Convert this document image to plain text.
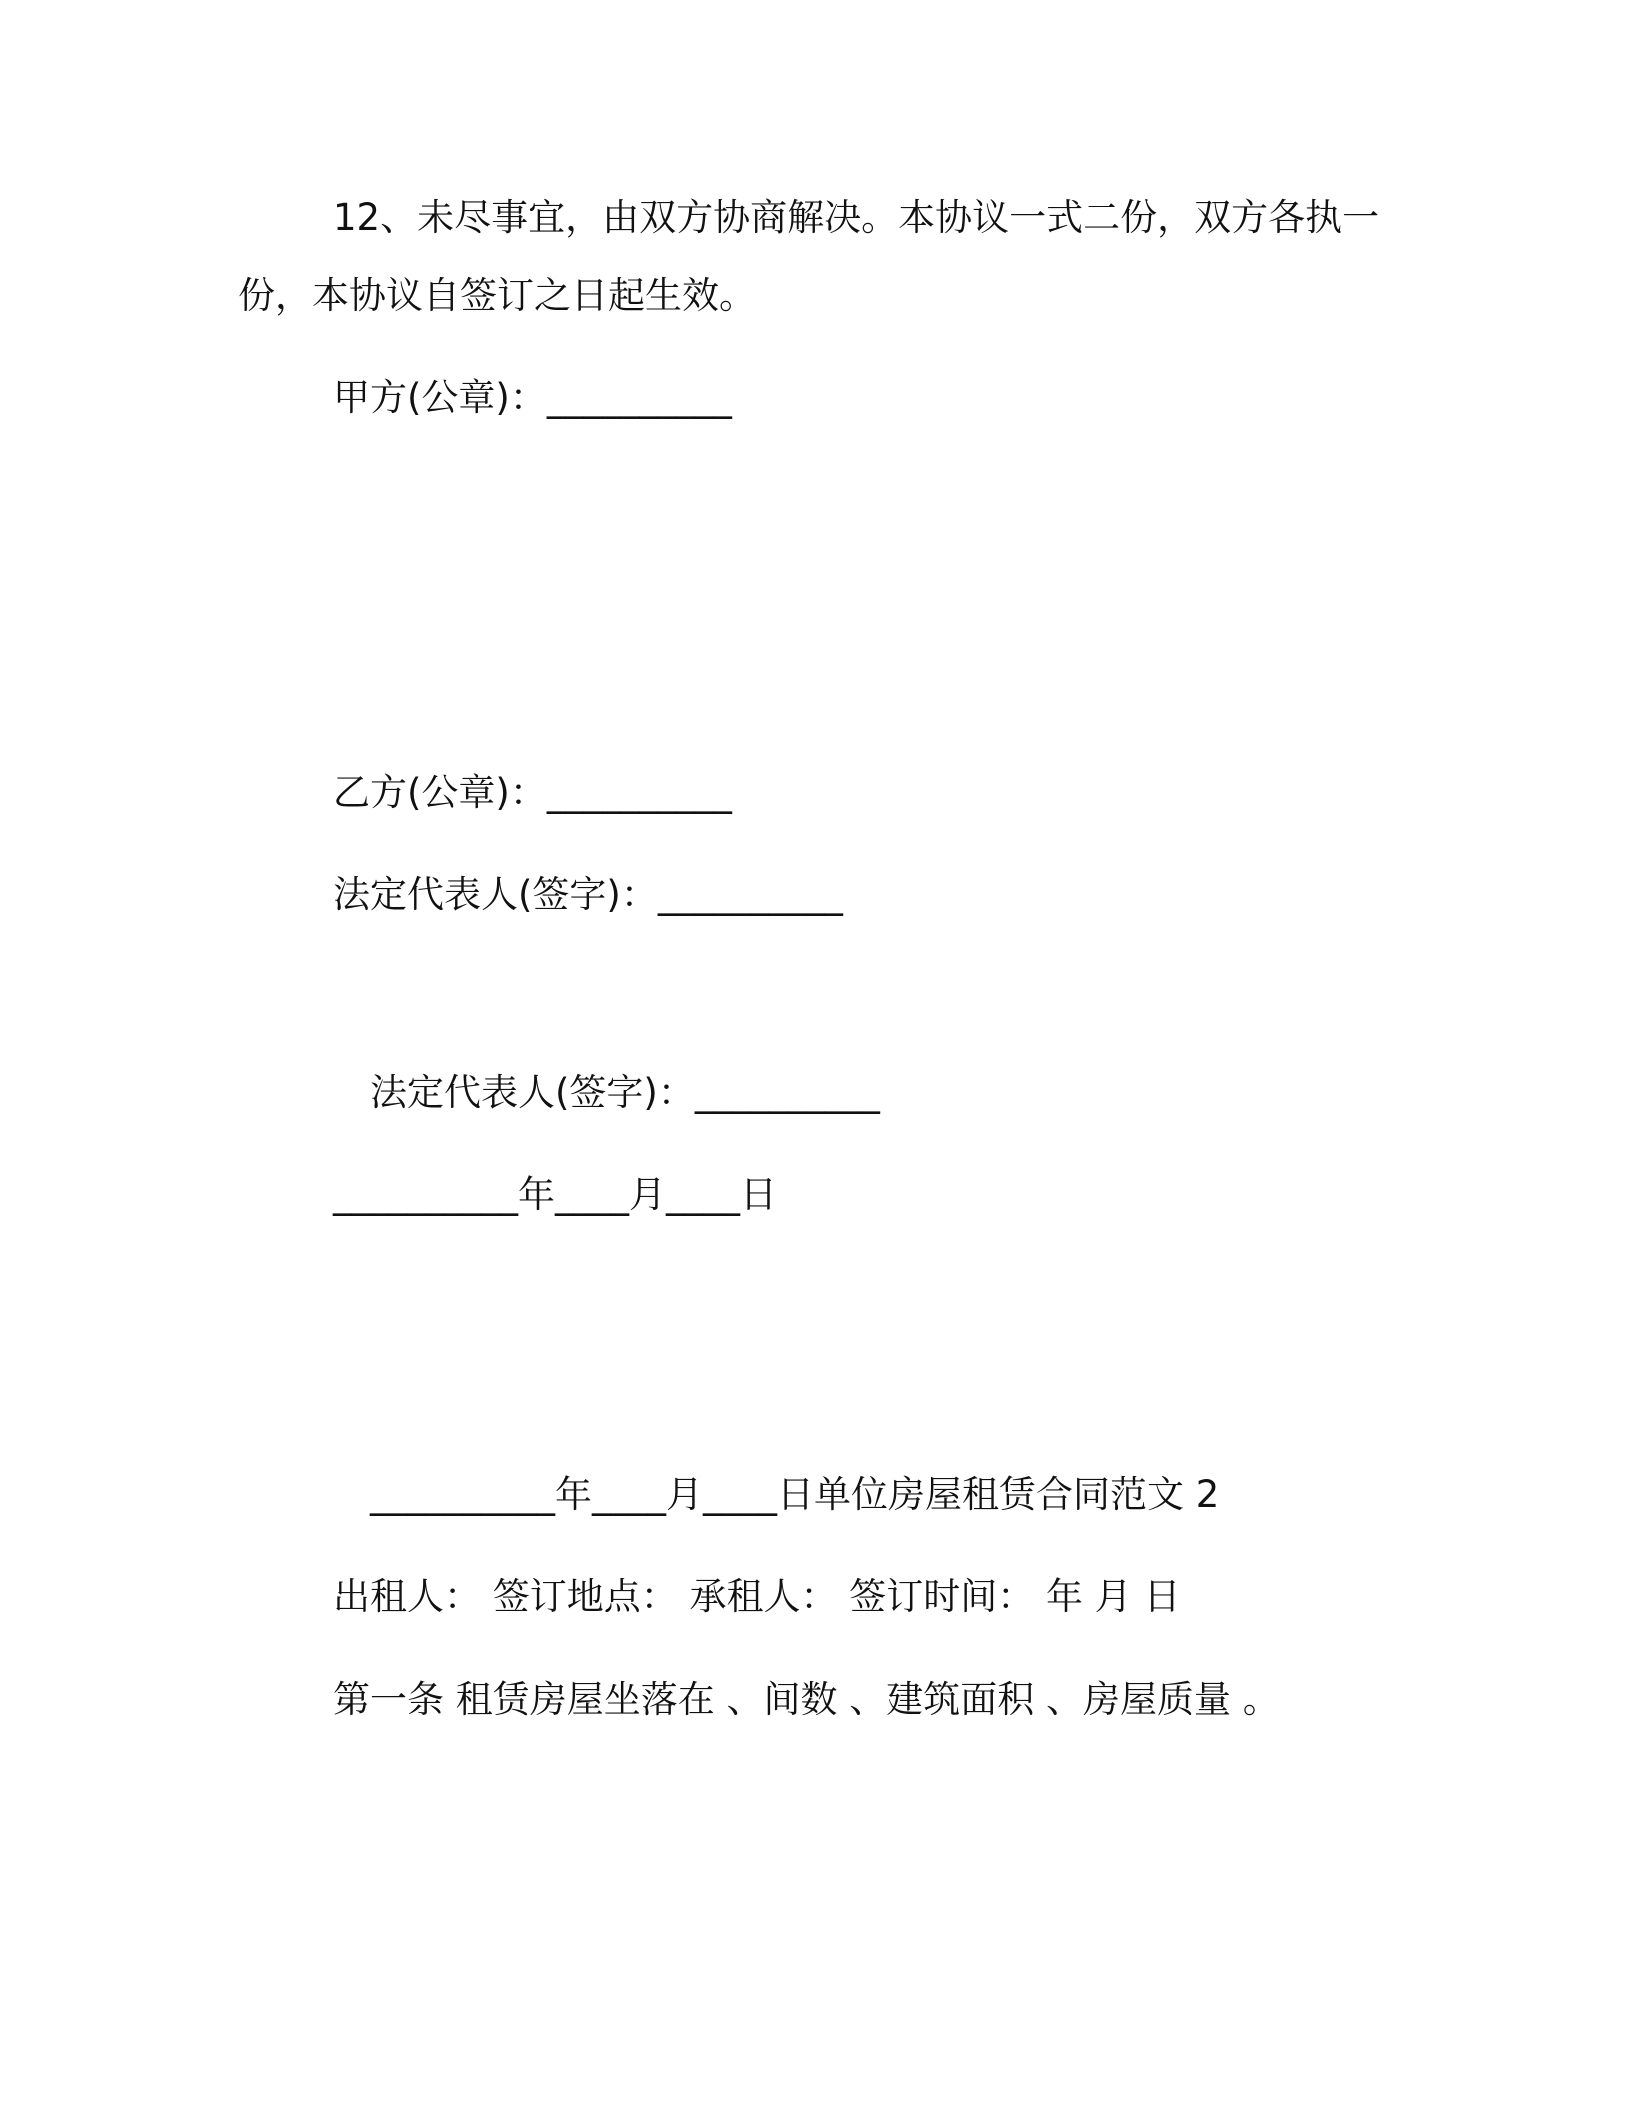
12、未尽事宜，由双方协商解决。本协议一式二份，双方各执一
份，本协议自签订之日起生效。
甲方(公章)：__________
乙方(公章)：__________
法定代表人(签字)：__________
法定代表人(签字)：__________
__________年____月____日
__________年____月____日单位房屋租赁合同范文 2
出租人： 签订地点： 承租人： 签订时间： 年 月 日
第一条 租赁房屋坐落在 、间数 、建筑面积 、房屋质量 。
